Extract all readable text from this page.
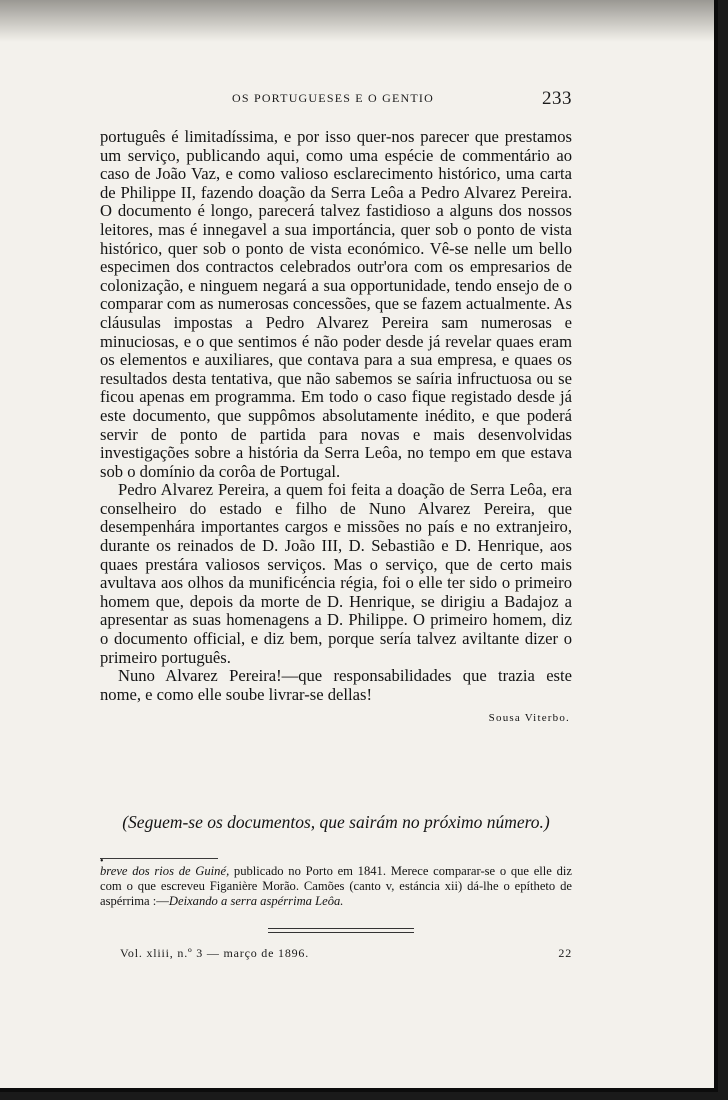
OS PORTUGUESES E O GENTIO	233

português é limitadíssima, e por isso quer-nos parecer que prestamos um serviço, publicando aqui, como uma espécie de commentário ao caso de João Vaz, e como valioso esclarecimento histórico, uma carta de Philippe II, fazendo doação da Serra Leôa a Pedro Alvarez Pereira. O documento é longo, parecerá talvez fastidioso a alguns dos nossos leitores, mas é innegavel a sua importáncia, quer sob o ponto de vista histórico, quer sob o ponto de vista económico. Vê-se nelle um bello especimen dos contractos celebrados outr'ora com os empresarios de colonização, e ninguem negará a sua opportunidade, tendo ensejo de o comparar com as numerosas concessões, que se fazem actualmente. As cláusulas impostas a Pedro Alvarez Pereira sam numerosas e minuciosas, e o que sentimos é não poder desde já revelar quaes eram os elementos e auxiliares, que contava para a sua empresa, e quaes os resultados desta tentativa, que não sabemos se saíria infructuosa ou se ficou apenas em programma. Em todo o caso fique registado desde já este documento, que suppômos absolutamente inédito, e que poderá servir de ponto de partida para novas e mais desenvolvidas investigações sobre a história da Serra Leôa, no tempo em que estava sob o domínio da corôa de Portugal.

Pedro Alvarez Pereira, a quem foi feita a doação de Serra Leôa, era conselheiro do estado e filho de Nuno Alvarez Pereira, que desempenhára importantes cargos e missões no país e no extranjeiro, durante os reinados de D. João III, D. Sebastião e D. Henrique, aos quaes prestára valiosos serviços. Mas o serviço, que de certo mais avultava aos olhos da munificéncia régia, foi o elle ter sido o primeiro homem que, depois da morte de D. Henrique, se dirigiu a Badajoz a apresentar as suas homenagens a D. Philippe. O primeiro homem, diz o documento official, e diz bem, porque sería talvez aviltante dizer o primeiro português.

Nuno Alvarez Pereira!—que responsabilidades que trazia este nome, e como elle soube livrar-se dellas!

Sousa Viterbo.
(Seguem-se os documentos, que sairám no próximo número.)
•
breve dos rios de Guiné, publicado no Porto em 1841. Merece comparar-se o que elle diz com o que escreveu Figanière Morão. Camões (canto v, estáncia xii) dá-lhe o epítheto de aspérrima :—Deixando a serra aspérrima Leôa.
Vol. xliii, n.º 3 — março de 1896.	22
